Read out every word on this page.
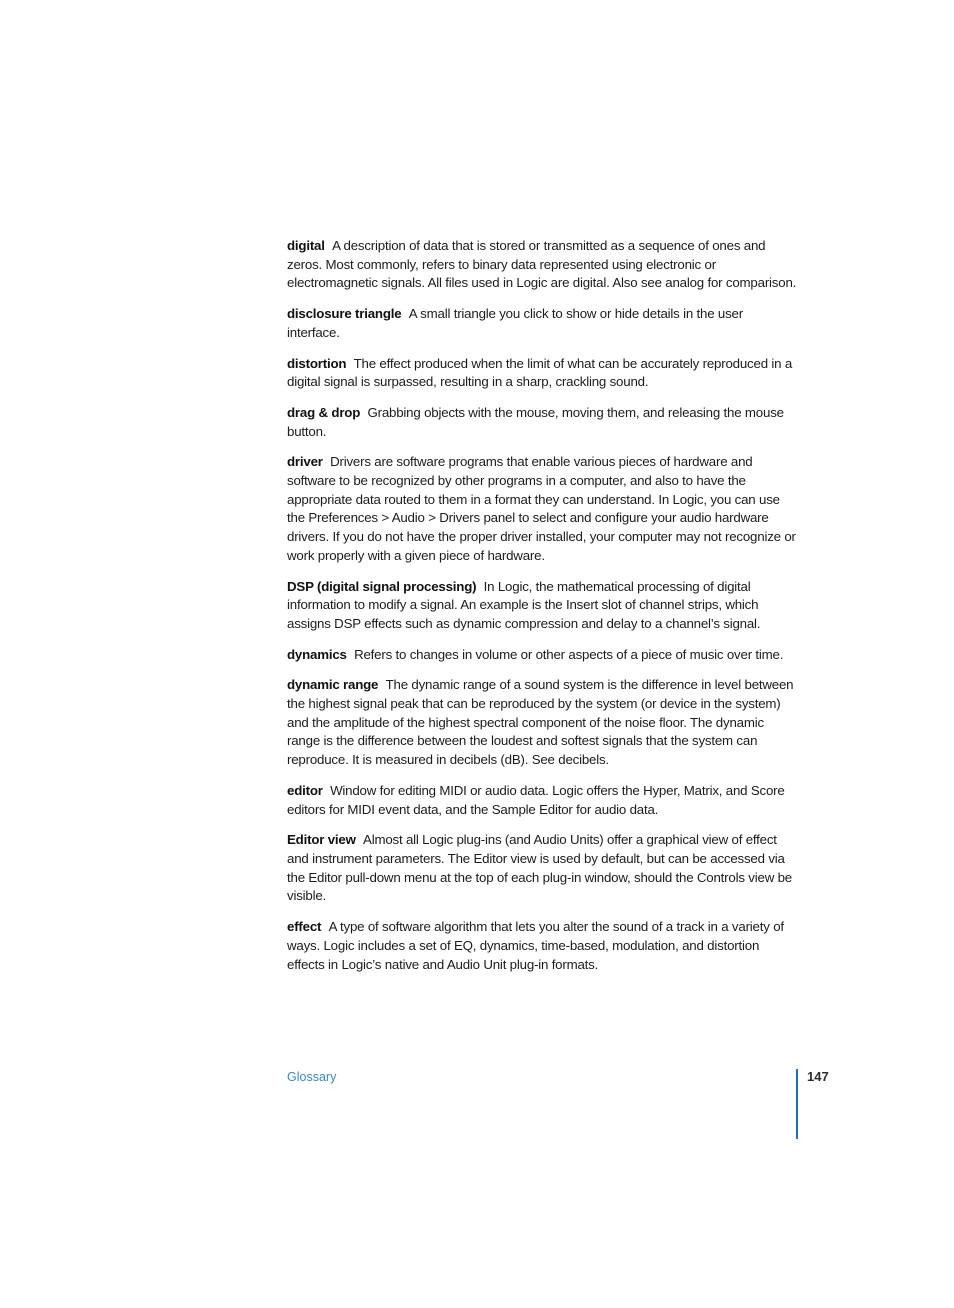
digital A description of data that is stored or transmitted as a sequence of ones and zeros. Most commonly, refers to binary data represented using electronic or electromagnetic signals. All files used in Logic are digital. Also see analog for comparison.

disclosure triangle A small triangle you click to show or hide details in the user interface.

distortion The effect produced when the limit of what can be accurately reproduced in a digital signal is surpassed, resulting in a sharp, crackling sound.

drag & drop Grabbing objects with the mouse, moving them, and releasing the mouse button.

driver Drivers are software programs that enable various pieces of hardware and software to be recognized by other programs in a computer, and also to have the appropriate data routed to them in a format they can understand. In Logic, you can use the Preferences > Audio > Drivers panel to select and configure your audio hardware drivers. If you do not have the proper driver installed, your computer may not recognize or work properly with a given piece of hardware.

DSP (digital signal processing) In Logic, the mathematical processing of digital information to modify a signal. An example is the Insert slot of channel strips, which assigns DSP effects such as dynamic compression and delay to a channel’s signal.

dynamics Refers to changes in volume or other aspects of a piece of music over time.

dynamic range The dynamic range of a sound system is the difference in level between the highest signal peak that can be reproduced by the system (or device in the system) and the amplitude of the highest spectral component of the noise floor. The dynamic range is the difference between the loudest and softest signals that the system can reproduce. It is measured in decibels (dB). See decibels.

editor Window for editing MIDI or audio data. Logic offers the Hyper, Matrix, and Score editors for MIDI event data, and the Sample Editor for audio data.

Editor view Almost all Logic plug-ins (and Audio Units) offer a graphical view of effect and instrument parameters. The Editor view is used by default, but can be accessed via the Editor pull-down menu at the top of each plug-in window, should the Controls view be visible.

effect A type of software algorithm that lets you alter the sound of a track in a variety of ways. Logic includes a set of EQ, dynamics, time-based, modulation, and distortion effects in Logic’s native and Audio Unit plug-in formats.

Glossary	147
